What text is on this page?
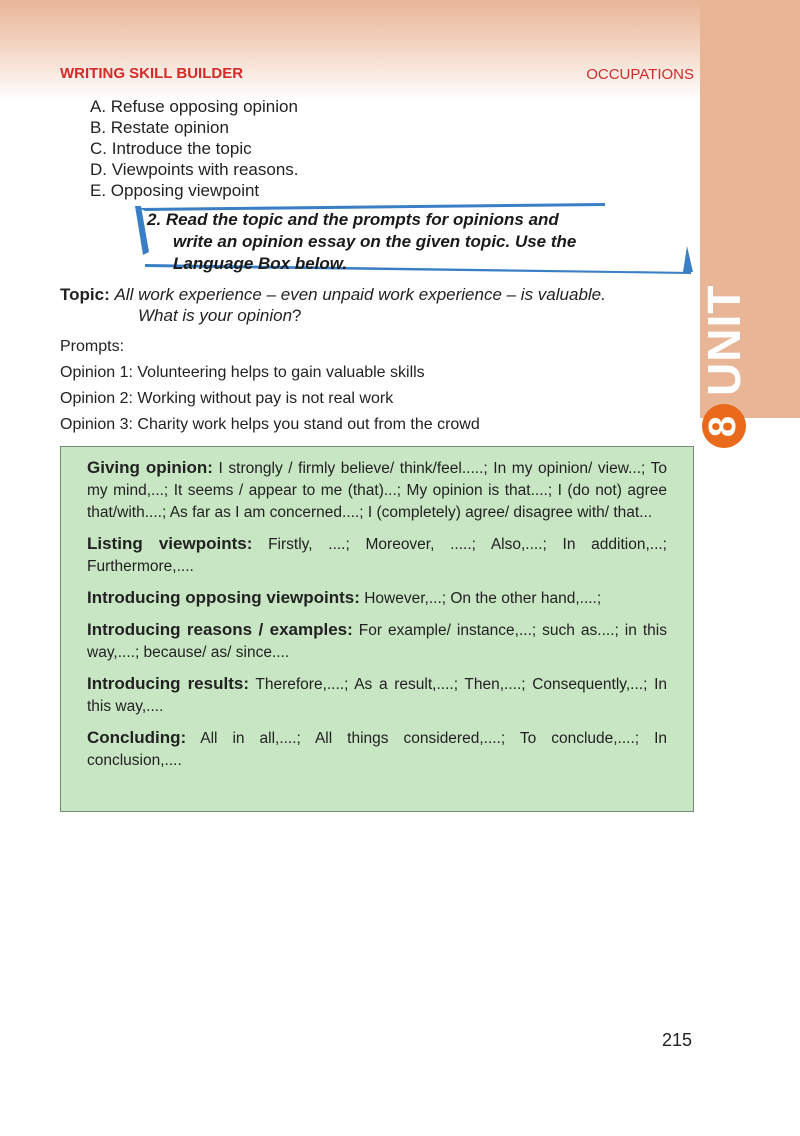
UNIT
8
WRITING SKILL BUILDER	OCCUPATIONS
A. Refuse opposing opinion
B. Restate opinion
C. Introduce the topic
D. Viewpoints with reasons.
E. Opposing viewpoint

2. Read the topic and the prompts for opinions and
write an opinion essay on the given topic. Use the
Language Box below.

Topic: All work experience – even unpaid work experience – is valuable.
What is your opinion?

Prompts:
Opinion 1: Volunteering helps to gain valuable skills
Opinion 2: Working without pay is not real work
Opinion 3: Charity work helps you stand out from the crowd

Giving opinion: I strongly / firmly believe/ think/feel.....; In my opinion/ view...; To my mind,...; It seems / appear to me (that)...; My opinion is that....; I (do not) agree that/with....; As far as I am concerned....; I (completely) agree/ disagree with/ that...

Listing viewpoints: Firstly, ....; Moreover, .....; Also,....; In addition,...; Furthermore,....

Introducing opposing viewpoints: However,...; On the other hand,....;

Introducing reasons / examples: For example/ instance,...; such as....; in this way,....; because/ as/ since....

Introducing results: Therefore,....; As a result,....; Then,....; Consequently,...; In this way,....

Concluding: All in all,....; All things considered,....; To conclude,....; In conclusion,....

215
